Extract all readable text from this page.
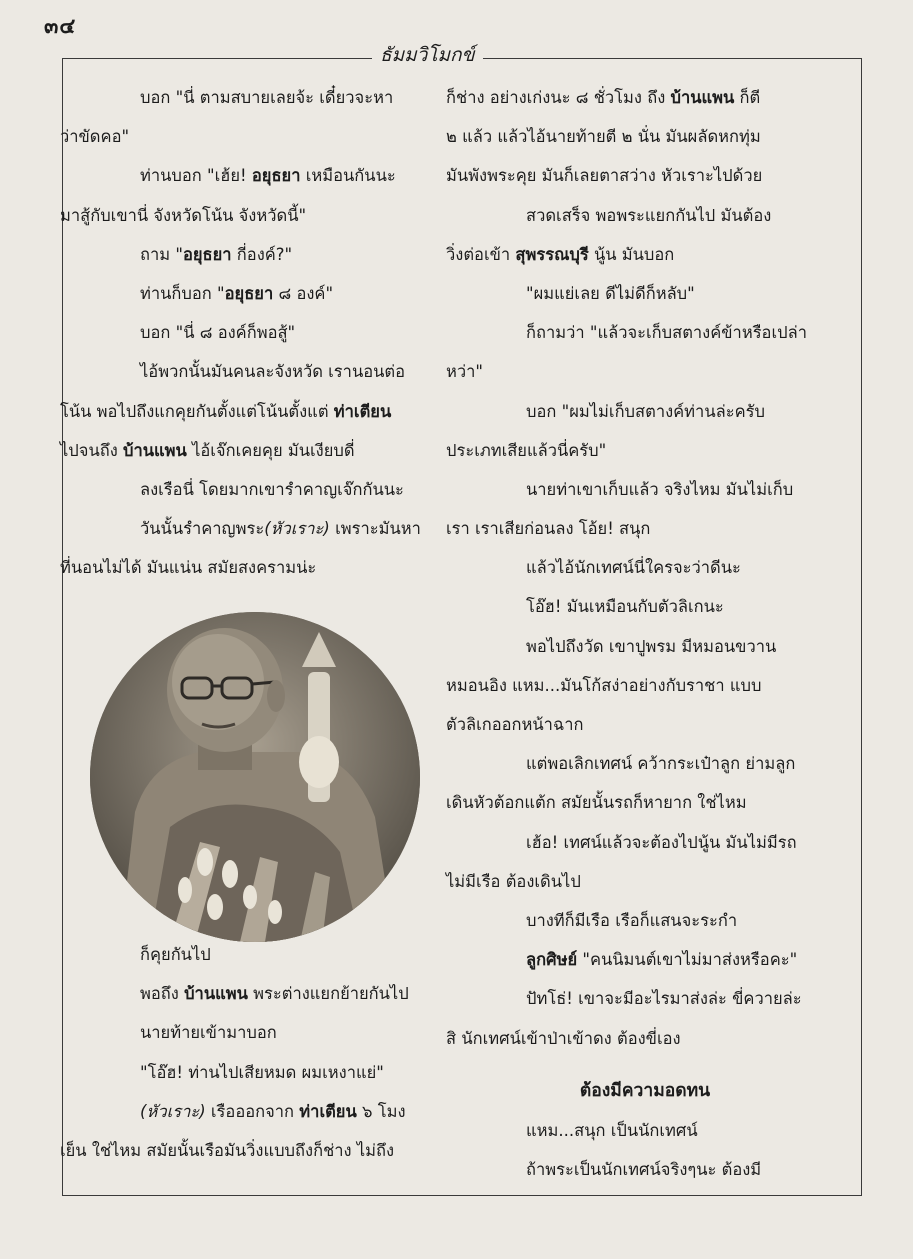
๓๔
ธัมมวิโมกข์
บอก "นี่ ตามสบายเลยจ้ะ เดี๋ยวจะหา
ว่าขัดคอ"
ท่านบอก "เฮ้ย! อยุธยา เหมือนกันนะ
มาสู้กับเขานี่ จังหวัดโน้น จังหวัดนี้"
ถาม "อยุธยา กี่องค์?"
ท่านก็บอก "อยุธยา ๘ องค์"
บอก "นี่ ๘ องค์ก็พอสู้"
ไอ้พวกนั้นมันคนละจังหวัด เรานอนต่อ
โน้น พอไปถึงแกคุยกันตั้งแต่โน้นตั้งแต่ ท่าเตียน
ไปจนถึง บ้านแพน ไอ้เจ๊กเคยคุย มันเงียบดี่
ลงเรือนี่ โดยมากเขารำคาญเจ๊กกันนะ
วันนั้นรำคาญพระ(หัวเราะ) เพราะมันหา
ที่นอนไม่ได้ มันแน่น สมัยสงครามน่ะ
ก็คุยกันไป
พอถึง บ้านแพน พระต่างแยกย้ายกันไป
นายท้ายเข้ามาบอก
"โอ๊ฮ! ท่านไปเสียหมด ผมเหงาแย่"
(หัวเราะ) เรือออกจาก ท่าเตียน ๖ โมง
เย็น ใช่ไหม สมัยนั้นเรือมันวิ่งแบบถึงก็ช่าง ไม่ถึง
ก็ช่าง อย่างเก่งนะ ๘ ชั่วโมง ถึง บ้านแพน ก็ตี
๒ แล้ว แล้วไอ้นายท้ายตี ๒ นั่น มันผลัดหกทุ่ม
มันพังพระคุย มันก็เลยตาสว่าง หัวเราะไปด้วย
สวดเสร็จ พอพระแยกกันไป มันต้อง
วิ่งต่อเข้า สุพรรณบุรี นู้น มันบอก
"ผมแย่เลย ดีไม่ดีก็หลับ"
ก็ถามว่า "แล้วจะเก็บสตางค์ข้าหรือเปล่า
หว่า"
บอก "ผมไม่เก็บสตางค์ท่านล่ะครับ
ประเภทเสียแล้วนี่ครับ"
นายท่าเขาเก็บแล้ว จริงไหม มันไม่เก็บ
เรา เราเสียก่อนลง โอ้ย! สนุก
แล้วไอ้นักเทศน์นี่ใครจะว่าดีนะ
โอ๊ฮ! มันเหมือนกับตัวลิเกนะ
พอไปถึงวัด เขาปูพรม มีหมอนขวาน
หมอนอิง แหม...มันโก้สง่าอย่างกับราชา แบบ
ตัวลิเกออกหน้าฉาก
แต่พอเลิกเทศน์ คว้ากระเป๋าลูก ย่ามลูก
เดินหัวต้อกแต้ก สมัยนั้นรถก็หายาก ใช่ไหม
เฮ้อ! เทศน์แล้วจะต้องไปนู้น มันไม่มีรถ
ไม่มีเรือ ต้องเดินไป
บางทีก็มีเรือ เรือก็แสนจะระกำ
ลูกศิษย์ "คนนิมนต์เขาไม่มาส่งหรือคะ"
ปัทโธ่! เขาจะมีอะไรมาส่งล่ะ ขี่ควายล่ะ
สิ นักเทศน์เข้าป่าเข้าดง ต้องขี่เอง
ต้องมีความอดทน
แหม...สนุก เป็นนักเทศน์
ถ้าพระเป็นนักเทศน์จริงๆนะ ต้องมี
